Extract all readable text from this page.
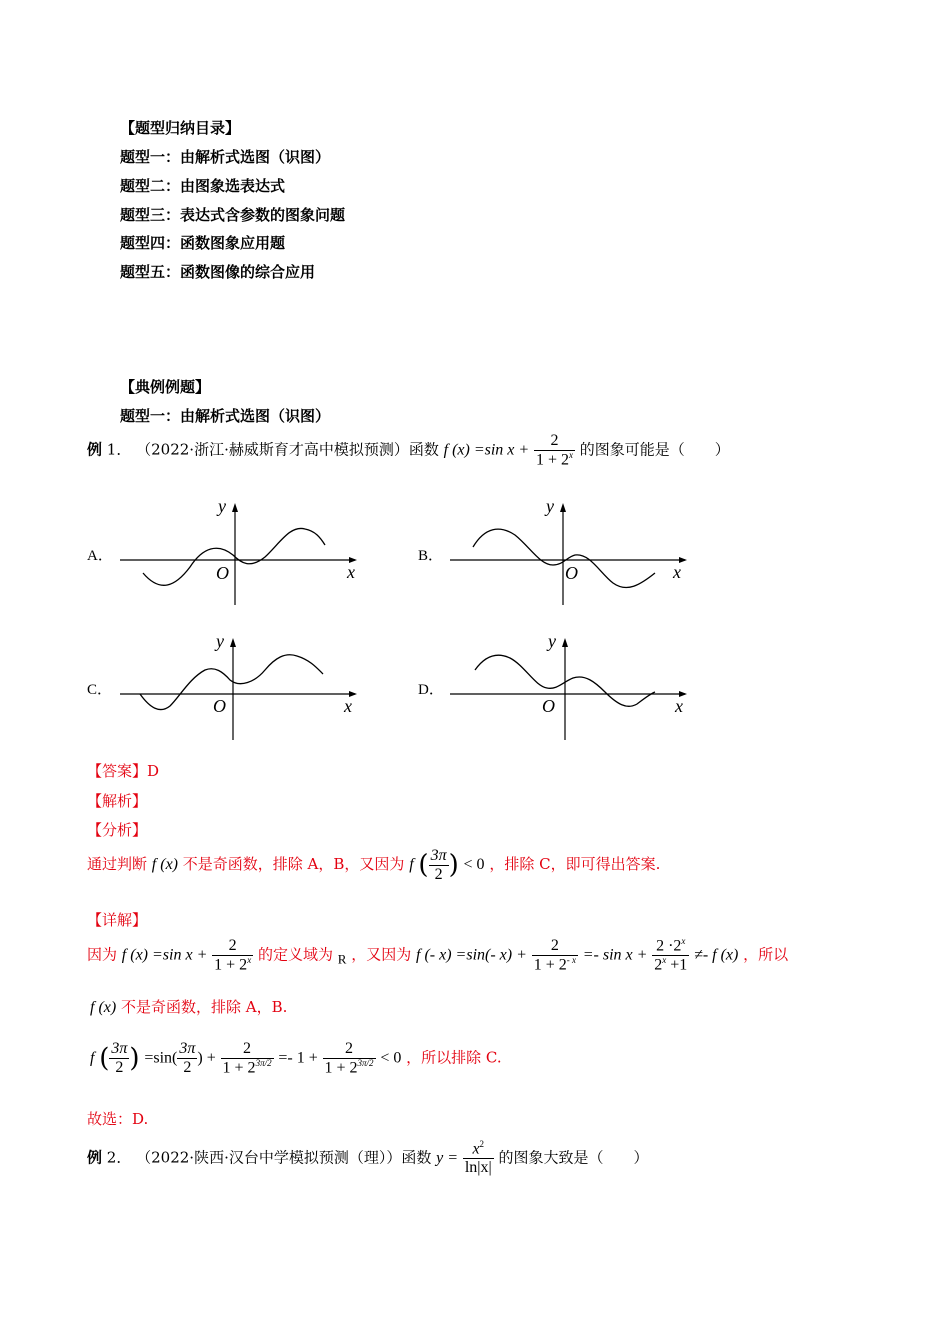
【题型归纳目录】
题型一：由解析式选图（识图）
题型二：由图象选表达式
题型三：表达式含参数的图象问题
题型四：函数图象应用题
题型五：函数图像的综合应用
【典例例题】
题型一：由解析式选图（识图）
例 1． （2022·浙江·赫威斯育才高中模拟预测）函数 f (x) =sin $x + \frac{2}{1 + 2^x}$ 的图象可能是（　　）
A．
x
y
O
B．
x
y
O
C．
x
y
O
D．
x
y
O
【答案】D
【解析】
【分析】
通过判断 f (x) 不是奇函数，排除 A，B，又因为 f ( $\frac{3\pi}{2}$ ) < 0 ，排除 C，即可得出答案.
【详解】
因为 f (x) =sin $x + \frac{2}{1 + 2^x}$ 的定义域为 R ，又因为 f (- x) =sin(- $x) + \frac{2}{1 + 2^{- x}} =- \sin x + \frac{2 \cdot 2^x}{2^x +1} \ne- f$ (x) ，所以
f (x) 不是奇函数，排除 A，B.
f ( $\frac{3\pi}{2}$ ) $=\sin( \frac{3\pi}{2}$ ) + $\frac{2}{1 + 2^{3\pi/2}} =- 1 + \frac{2}{1 + 2^{3\pi/2}} < 0$ ，所以排除 C.
故选：D.
例 2． （2022·陕西·汉台中学模拟预测（理））函数 $y = \frac{x^2}{\ln|x|}$ 的图象大致是（　　）
